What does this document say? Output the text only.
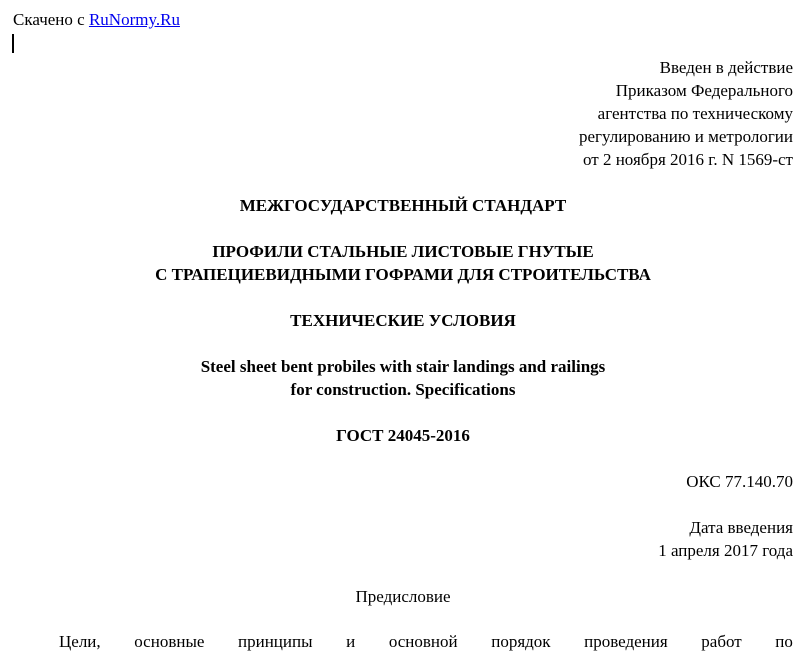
Скачено с RuNormy.Ru
Введен в действие
Приказом Федерального
агентства по техническому
регулированию и метрологии
от 2 ноября 2016 г. N 1569-ст
МЕЖГОСУДАРСТВЕННЫЙ СТАНДАРТ
ПРОФИЛИ СТАЛЬНЫЕ ЛИСТОВЫЕ ГНУТЫЕ
С ТРАПЕЦИЕВИДНЫМИ ГОФРАМИ ДЛЯ СТРОИТЕЛЬСТВА
ТЕХНИЧЕСКИЕ УСЛОВИЯ
Steel sheet bent probiles with stair landings and railings
for construction. Specifications
ГОСТ 24045-2016
ОКС 77.140.70
Дата введения
1 апреля 2017 года
Предисловие
Цели, основные принципы и основной порядок проведения работ по
